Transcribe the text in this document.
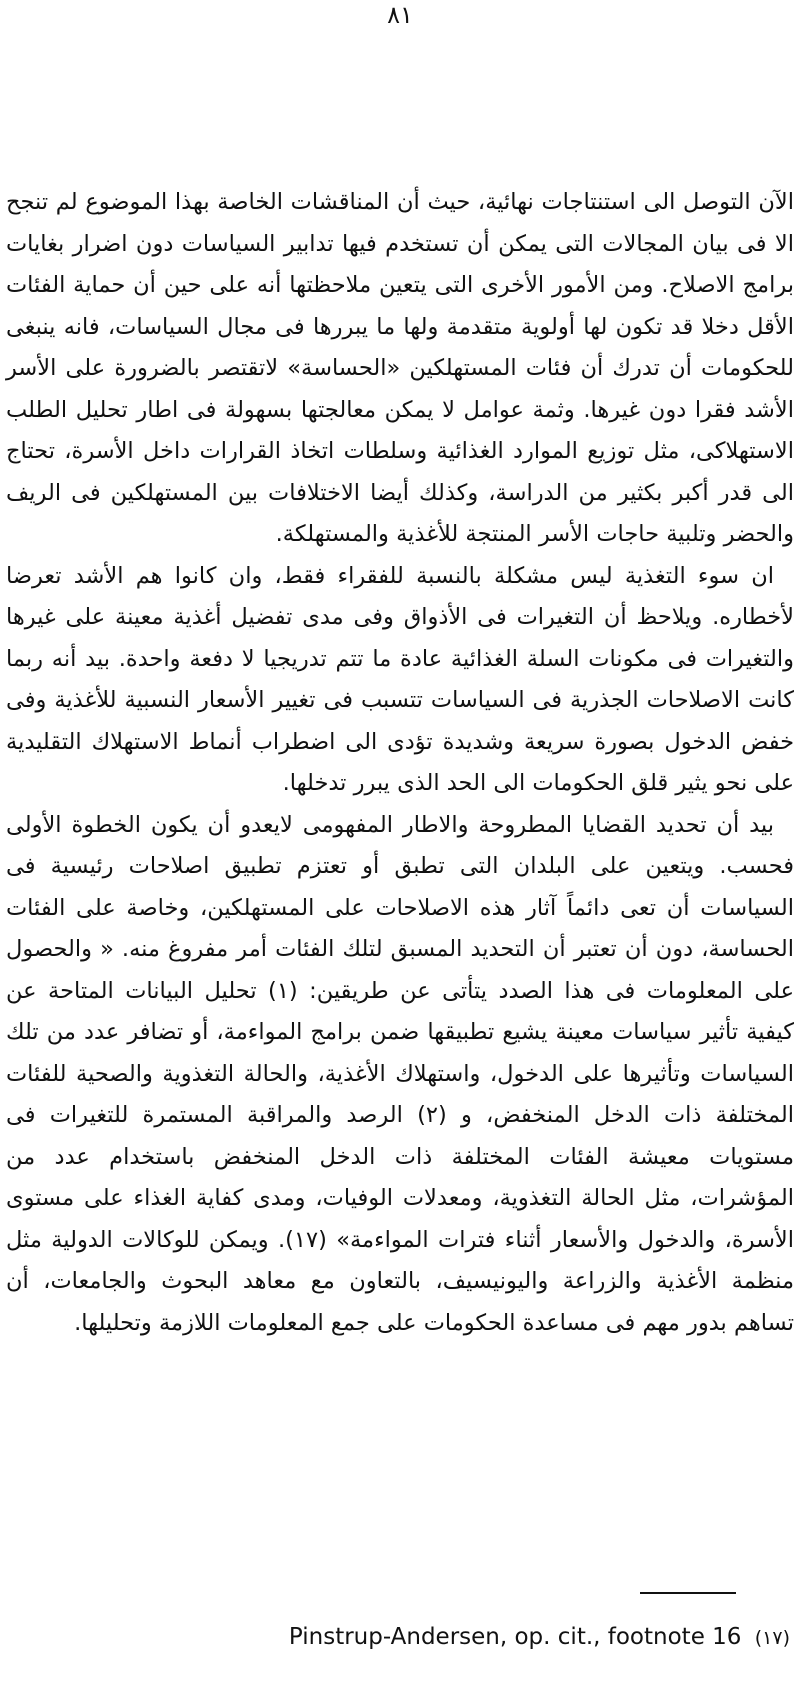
٨١

الآن التوصل الى استنتاجات نهائية، حيث أن المناقشات الخاصة بهذا الموضوع لم تنجح الا فى بيان المجالات التى يمكن أن تستخدم فيها تدابير السياسات دون اضرار بغايات برامج الاصلاح. ومن الأمور الأخرى التى يتعين ملاحظتها أنه على حين أن حماية الفئات الأقل دخلا قد تكون لها أولوية متقدمة ولها ما يبررها فى مجال السياسات، فانه ينبغى للحكومات أن تدرك أن فئات المستهلكين «الحساسة» لاتقتصر بالضرورة على الأسر الأشد فقرا دون غيرها. وثمة عوامل لا يمكن معالجتها بسهولة فى اطار تحليل الطلب الاستهلاكى، مثل توزيع الموارد الغذائية وسلطات اتخاذ القرارات داخل الأسرة، تحتاج الى قدر أكبر بكثير من الدراسة، وكذلك أيضا الاختلافات بين المستهلكين فى الريف والحضر وتلبية حاجات الأسر المنتجة للأغذية والمستهلكة.

ان سوء التغذية ليس مشكلة بالنسبة للفقراء فقط، وان كانوا هم الأشد تعرضا لأخطاره. ويلاحظ أن التغيرات فى الأذواق وفى مدى تفضيل أغذية معينة على غيرها والتغيرات فى مكونات السلة الغذائية عادة ما تتم تدريجيا لا دفعة واحدة. بيد أنه ربما كانت الاصلاحات الجذرية فى السياسات تتسبب فى تغيير الأسعار النسبية للأغذية وفى خفض الدخول بصورة سريعة وشديدة تؤدى الى اضطراب أنماط الاستهلاك التقليدية على نحو يثير قلق الحكومات الى الحد الذى يبرر تدخلها.

بيد أن تحديد القضايا المطروحة والاطار المفهومى لايعدو أن يكون الخطوة الأولى فحسب. ويتعين على البلدان التى تطبق أو تعتزم تطبيق اصلاحات رئيسية فى السياسات أن تعى دائماً آثار هذه الاصلاحات على المستهلكين، وخاصة على الفئات الحساسة، دون أن تعتبر أن التحديد المسبق لتلك الفئات أمر مفروغ منه. « والحصول على المعلومات فى هذا الصدد يتأتى عن طريقين: (١) تحليل البيانات المتاحة عن كيفية تأثير سياسات معينة يشيع تطبيقها ضمن برامج المواءمة، أو تضافر عدد من تلك السياسات وتأثيرها على الدخول، واستهلاك الأغذية، والحالة التغذوية والصحية للفئات المختلفة ذات الدخل المنخفض، و (٢) الرصد والمراقبة المستمرة للتغيرات فى مستويات معيشة الفئات المختلفة ذات الدخل المنخفض باستخدام عدد من المؤشرات، مثل الحالة التغذوية، ومعدلات الوفيات، ومدى كفاية الغذاء على مستوى الأسرة، والدخول والأسعار أثناء فترات المواءمة» (١٧). ويمكن للوكالات الدولية مثل منظمة الأغذية والزراعة واليونيسيف، بالتعاون مع معاهد البحوث والجامعات، أن تساهم بدور مهم فى مساعدة الحكومات على جمع المعلومات اللازمة وتحليلها.

Pinstrup-Andersen, op. cit., footnote 16 (١٧)
